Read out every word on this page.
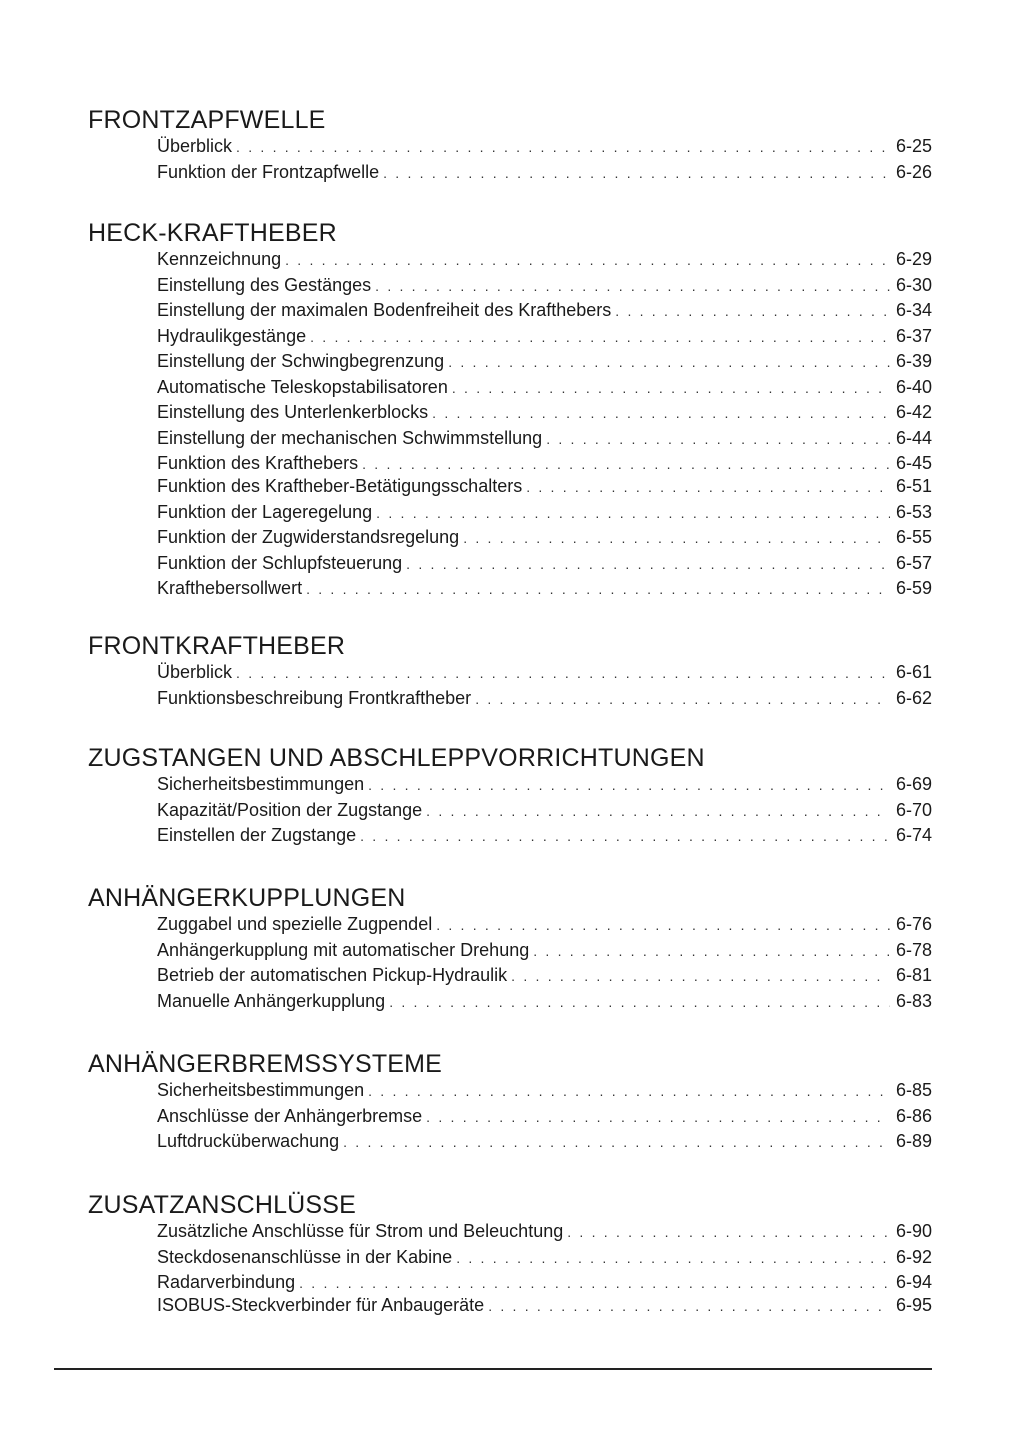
FRONTZAPFWELLE
Überblick . . .	6-25
Funktion der Frontzapfwelle . . .	6-26
HECK-KRAFTHEBER
Kennzeichnung . . .	6-29
Einstellung des Gestänges . . .	6-30
Einstellung der maximalen Bodenfreiheit des Krafthebers . . .	6-34
Hydraulikgestänge . . .	6-37
Einstellung der Schwingbegrenzung . . .	6-39
Automatische Teleskopstabilisatoren . . .	6-40
Einstellung des Unterlenkerblocks . . .	6-42
Einstellung der mechanischen Schwimmstellung . . .	6-44
Funktion des Krafthebers . . .	6-45
Funktion des Kraftheber-Betätigungsschalters . . .	6-51
Funktion der Lageregelung . . .	6-53
Funktion der Zugwiderstandsregelung . . .	6-55
Funktion der Schlupfsteuerung . . .	6-57
Krafthebersollwert . . .	6-59
FRONTKRAFTHEBER
Überblick . . .	6-61
Funktionsbeschreibung Frontkraftheber . . .	6-62
ZUGSTANGEN UND ABSCHLEPPVORRICHTUNGEN
Sicherheitsbestimmungen . . .	6-69
Kapazität/Position der Zugstange . . .	6-70
Einstellen der Zugstange . . .	6-74
ANHÄNGERKUPPLUNGEN
Zuggabel und spezielle Zugpendel . . .	6-76
Anhängerkupplung mit automatischer Drehung . . .	6-78
Betrieb der automatischen Pickup-Hydraulik . . .	6-81
Manuelle Anhängerkupplung . . .	6-83
ANHÄNGERBREMSSYSTEME
Sicherheitsbestimmungen . . .	6-85
Anschlüsse der Anhängerbremse . . .	6-86
Luftdrucküberwachung . . .	6-89
ZUSATZANSCHLÜSSE
Zusätzliche Anschlüsse für Strom und Beleuchtung . . .	6-90
Steckdosenanschlüsse in der Kabine . . .	6-92
Radarverbindung . . .	6-94
ISOBUS-Steckverbinder für Anbaugeräte . . .	6-95
